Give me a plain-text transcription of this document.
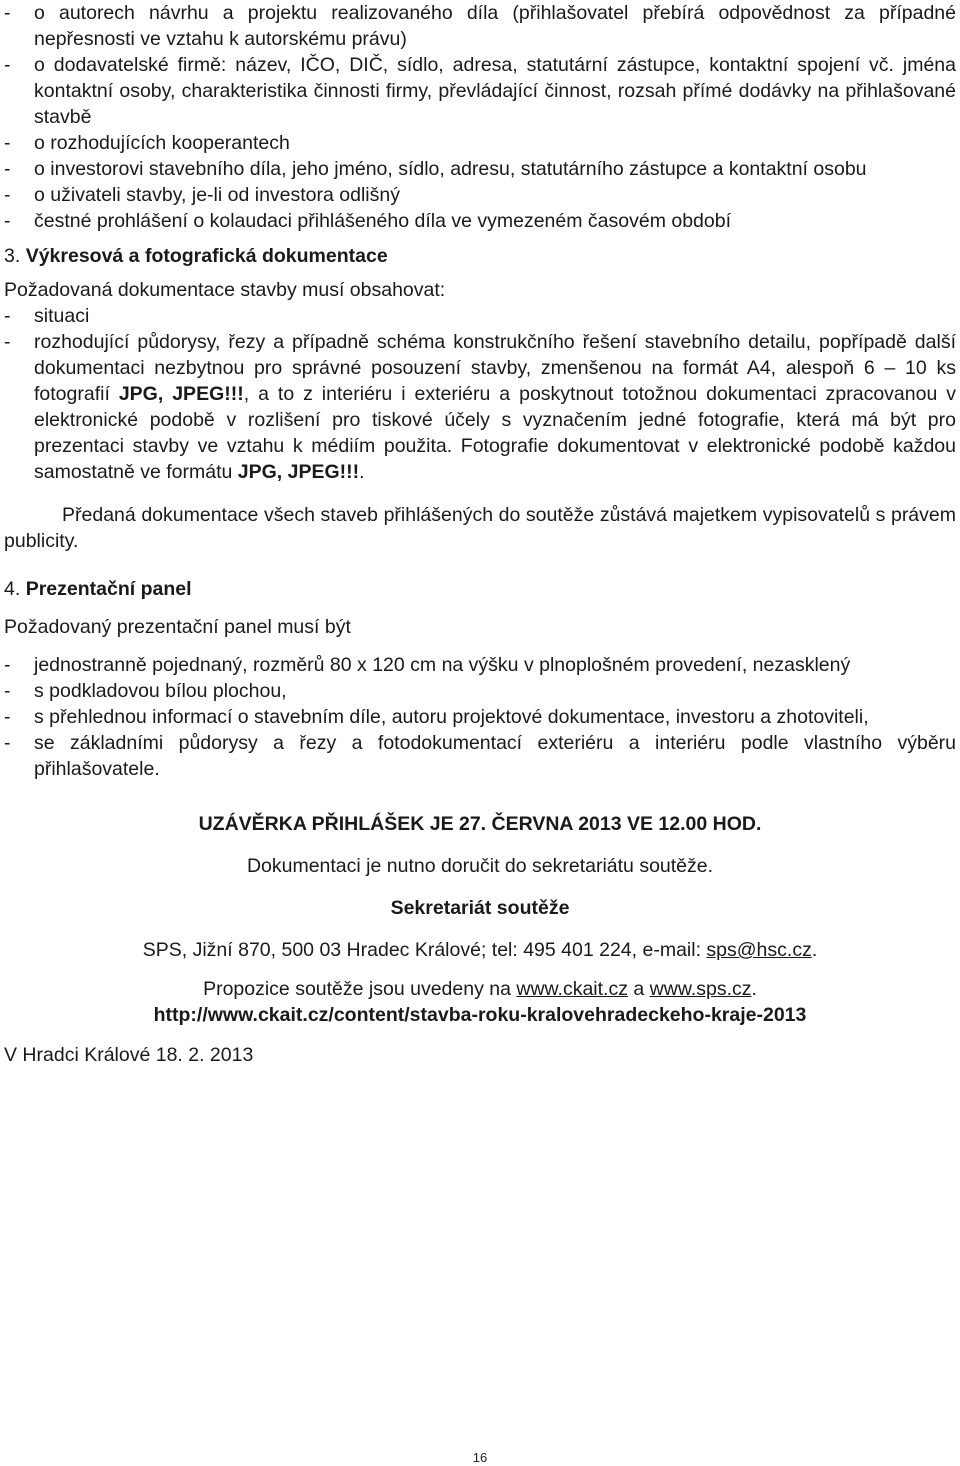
-	o autorech návrhu a projektu realizovaného díla (přihlašovatel přebírá odpovědnost za případné nepřesnosti ve vztahu k autorskému právu)
-	o dodavatelské firmě: název, IČO, DIČ, sídlo, adresa, statutární zástupce, kontaktní spojení vč. jména kontaktní osoby, charakteristika činnosti firmy, převládající činnost, rozsah přímé dodávky na přihlašované stavbě
-	o rozhodujících kooperantech
-	o investorovi stavebního díla, jeho jméno, sídlo, adresu, statutárního zástupce a kontaktní osobu
-	o uživateli stavby, je-li od investora odlišný
-	čestné prohlášení o kolaudaci přihlášeného díla ve vymezeném časovém období

3. Výkresová a fotografická dokumentace

Požadovaná dokumentace stavby musí obsahovat:

-	situaci
-	rozhodující půdorysy, řezy a případně schéma konstrukčního řešení stavebního detailu, popřípadě další dokumentaci nezbytnou pro správné posouzení stavby, zmenšenou na formát A4, alespoň 6 – 10 ks fotografií JPG, JPEG!!!, a to z interiéru i exteriéru a poskytnout totožnou dokumentaci zpracovanou v elektronické podobě v rozlišení pro tiskové účely s vyznačením jedné fotografie, která má být pro prezentaci stavby ve vztahu k médiím použita. Fotografie dokumentovat v elektronické podobě každou samostatně ve formátu JPG, JPEG!!!.

Předaná dokumentace všech staveb přihlášených do soutěže zůstává majetkem vypisovatelů s právem publicity.

4. Prezentační panel

Požadovaný prezentační panel musí být

-	jednostranně pojednaný, rozměrů 80 x 120 cm na výšku v plnoplošném provedení, nezasklený
-	s podkladovou bílou plochou,
-	s přehlednou informací o stavebním díle, autoru projektové dokumentace, investoru a zhotoviteli,
-	se základními půdorysy a řezy a fotodokumentací exteriéru a interiéru podle vlastního výběru přihlašovatele.

UZÁVĚRKA PŘIHLÁŠEK JE 27. ČERVNA 2013 VE 12.00 HOD.

Dokumentaci je nutno doručit do sekretariátu soutěže.

Sekretariát soutěže

SPS, Jižní 870, 500 03 Hradec Králové; tel: 495 401 224, e-mail: sps@hsc.cz.

Propozice soutěže jsou uvedeny na www.ckait.cz a www.sps.cz.

http://www.ckait.cz/content/stavba-roku-kralovehradeckeho-kraje-2013

V Hradci Králové 18. 2. 2013

16
